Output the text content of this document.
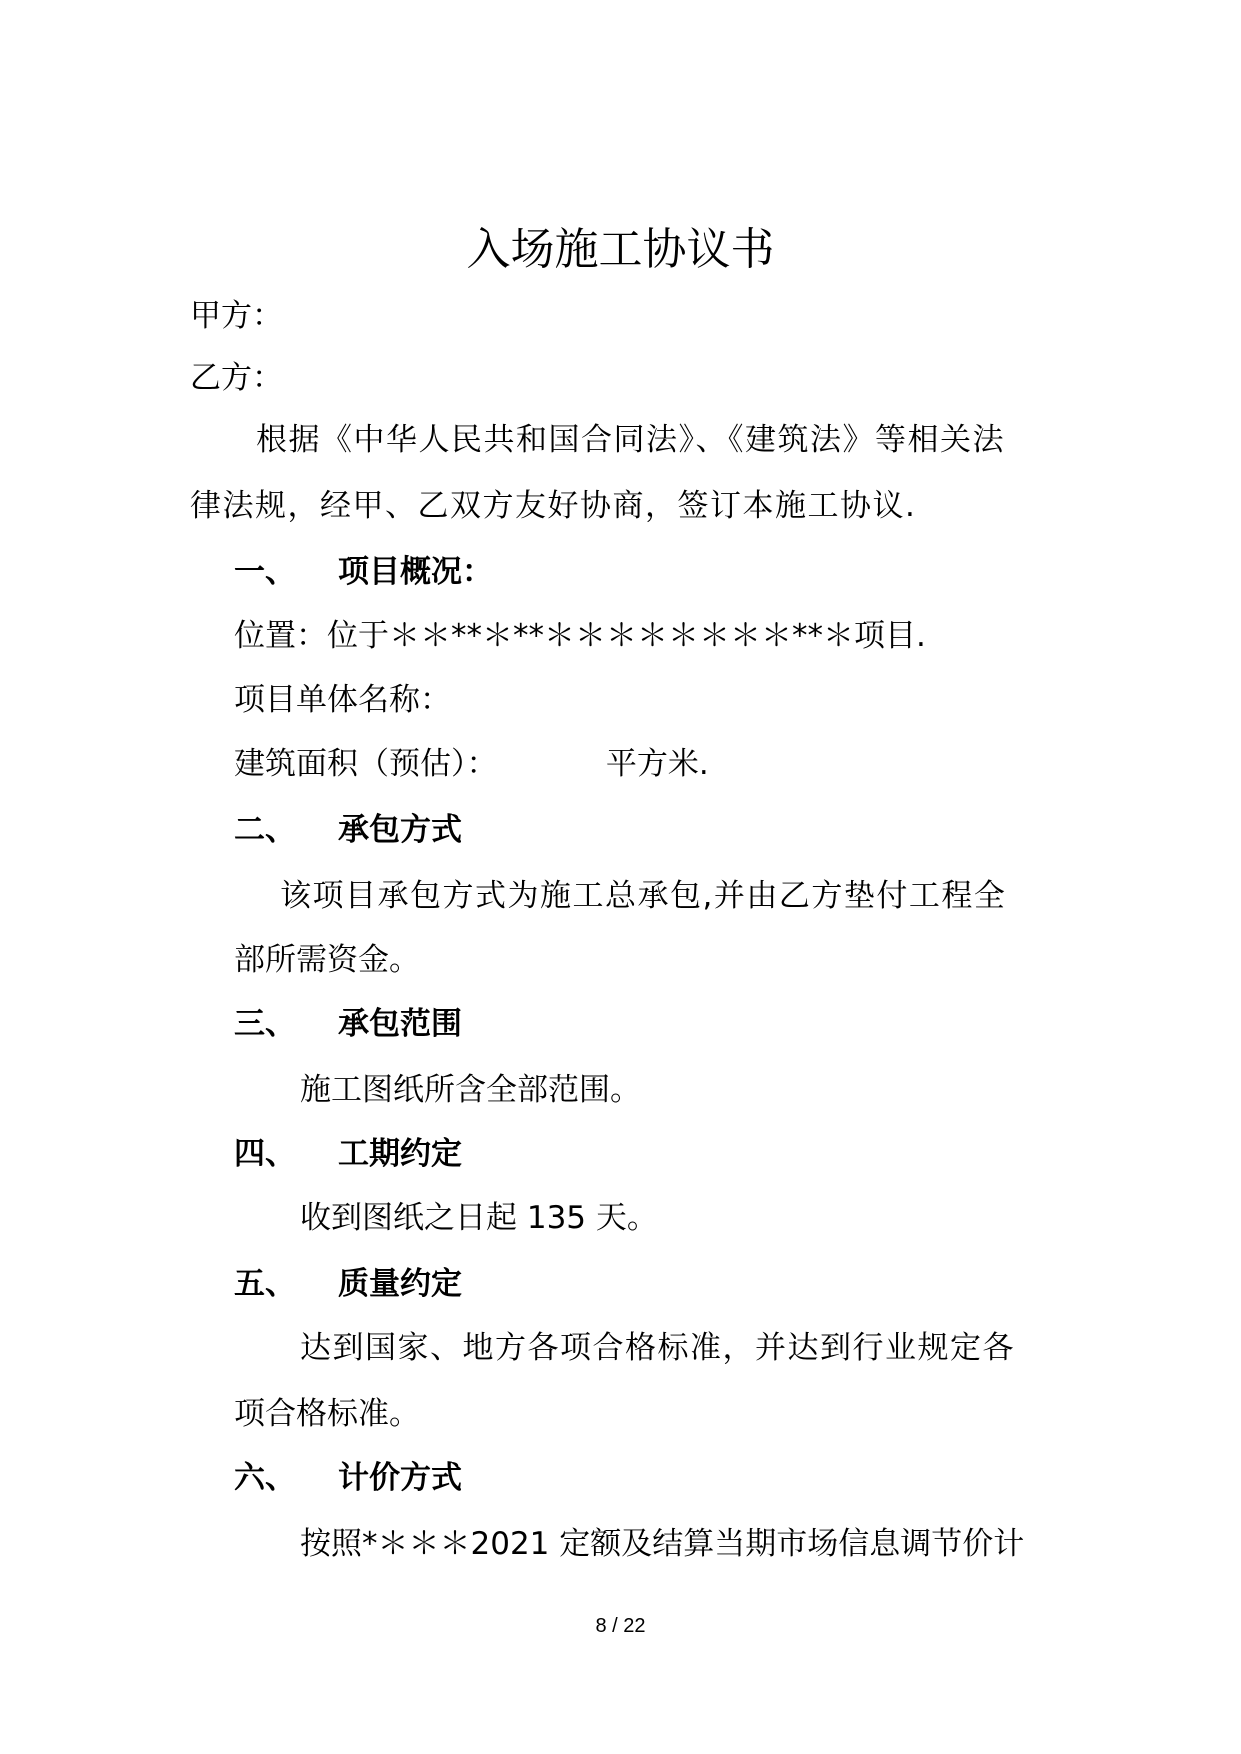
入场施工协议书
甲方：
乙方：
根据《中华人民共和国合同法》、《建筑法》等相关法
律法规，经甲、乙双方友好协商，签订本施工协议.
一、 项目概况：
位置：位于＊＊**＊**＊＊＊＊＊＊＊＊**＊项目.
项目单体名称：
建筑面积（预估）：           平方米.
二、 承包方式
该项目承包方式为施工总承包,并由乙方垫付工程全
部所需资金。
三、 承包范围
施工图纸所含全部范围。
四、 工期约定
收到图纸之日起 135 天。
五、 质量约定
达到国家、地方各项合格标准，并达到行业规定各
项合格标准。
六、 计价方式
按照*＊＊＊2021 定额及结算当期市场信息调节价计
8 / 22
